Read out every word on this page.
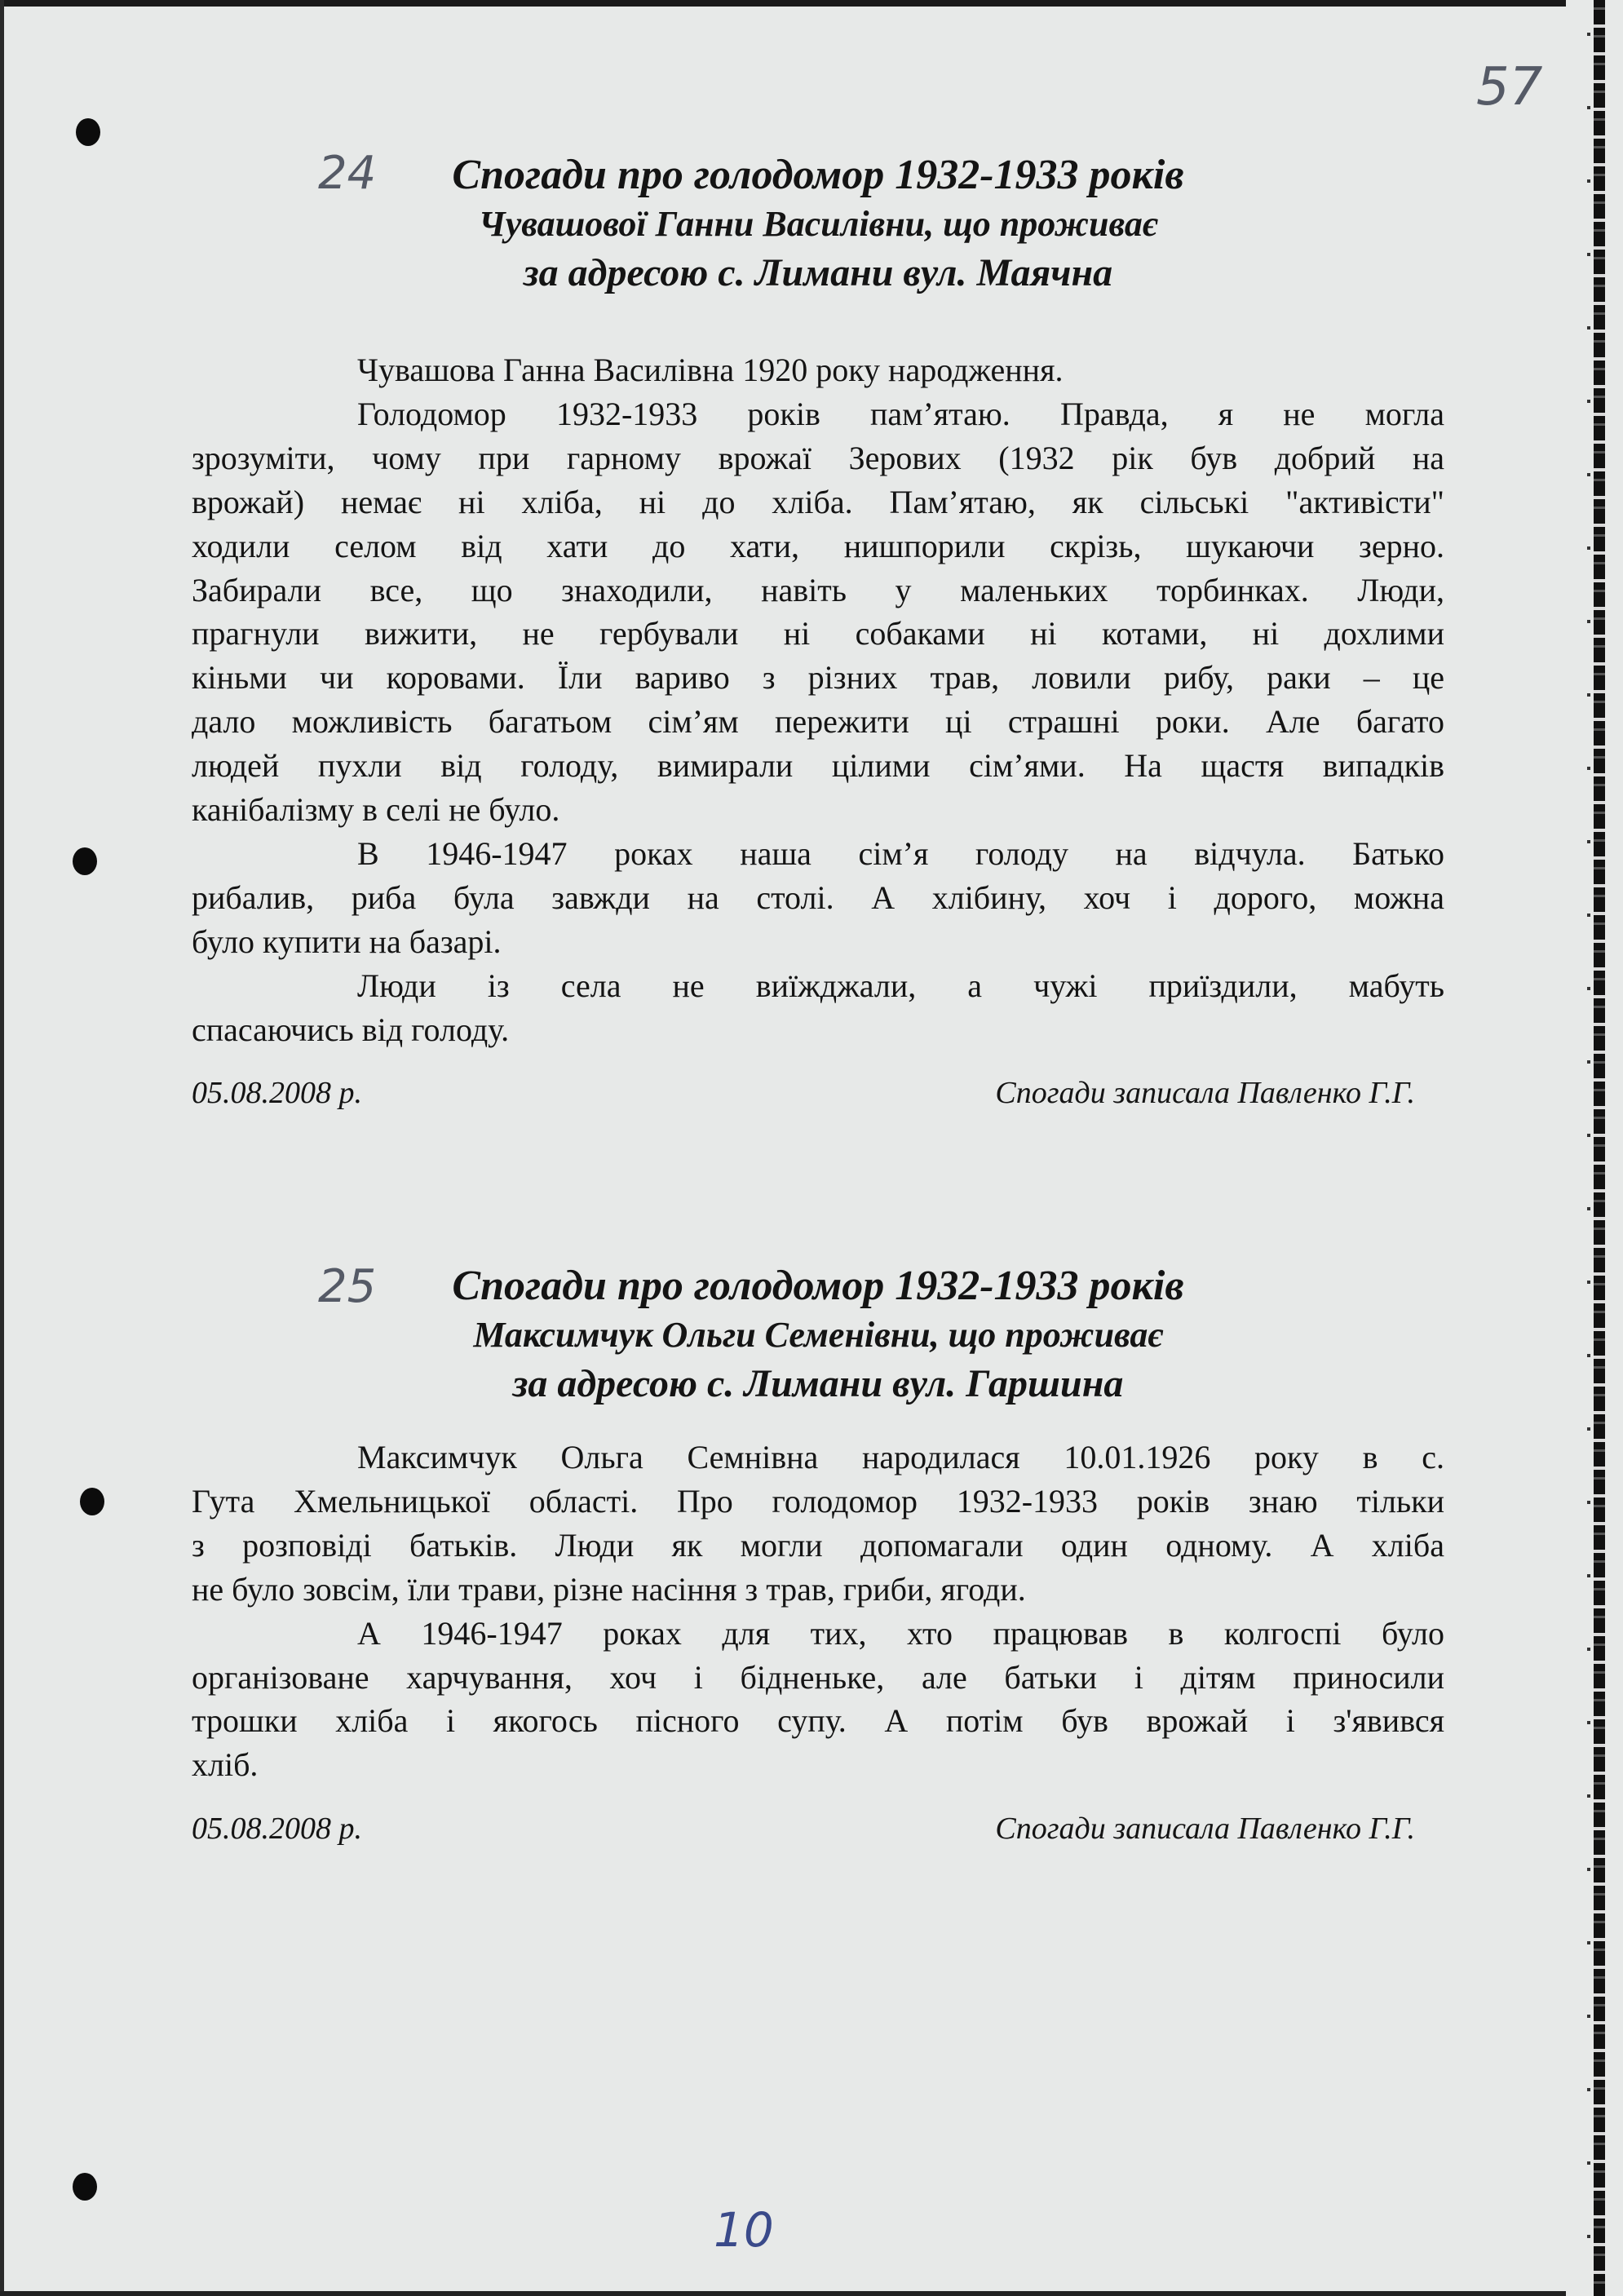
57
10
24	Спогади про голодомор 1932-1933 років
Чувашової Ганни Василівни, що проживає
за адресою с. Лимани вул. Маячна
Чувашова Ганна Василівна 1920 року народження.
Голодомор 1932-1933 років пам’ятаю. Правда, я не могла
зрозуміти, чому при гарному врожаї Зерових (1932 рік був добрий на
врожай) немає ні хліба, ні до хліба. Пам’ятаю, як сільські "активісти"
ходили селом від хати до хати, нишпорили скрізь, шукаючи зерно.
Забирали все, що знаходили, навіть у маленьких торбинках. Люди,
прагнули вижити, не гербували ні собаками ні котами, ні дохлими
кіньми чи коровами. Їли вариво з різних трав, ловили рибу, раки – це
дало можливість багатьом сім’ям пережити ці страшні роки. Але багато
людей пухли від голоду, вимирали цілими сім’ями. На щастя випадків
канібалізму в селі не було.
В 1946-1947 роках наша сім’я голоду на відчула. Батько
рибалив, риба була завжди на столі. А хлібину, хоч і дорого, можна
було купити на базарі.
Люди із села не виїжджали, а чужі приїздили, мабуть
спасаючись від голоду.
05.08.2008 р.	Спогади записала Павленко Г.Г.
25	Спогади про голодомор 1932-1933 років
Максимчук Ольги Семенівни, що проживає
за адресою с. Лимани вул. Гаршина
Максимчук Ольга Семнівна народилася 10.01.1926 року в с.
Гута Хмельницької області. Про голодомор 1932-1933 років знаю тільки
з розповіді батьків. Люди як могли допомагали один одному. А хліба
не було зовсім, їли трави, різне насіння з трав, гриби, ягоди.
А 1946-1947 роках для тих, хто працював в колгоспі було
організоване харчування, хоч і бідненьке, але батьки і дітям приносили
трошки хліба і якогось пісного супу. А потім був врожай і з'явився
хліб.
05.08.2008 р.	Спогади записала Павленко Г.Г.
